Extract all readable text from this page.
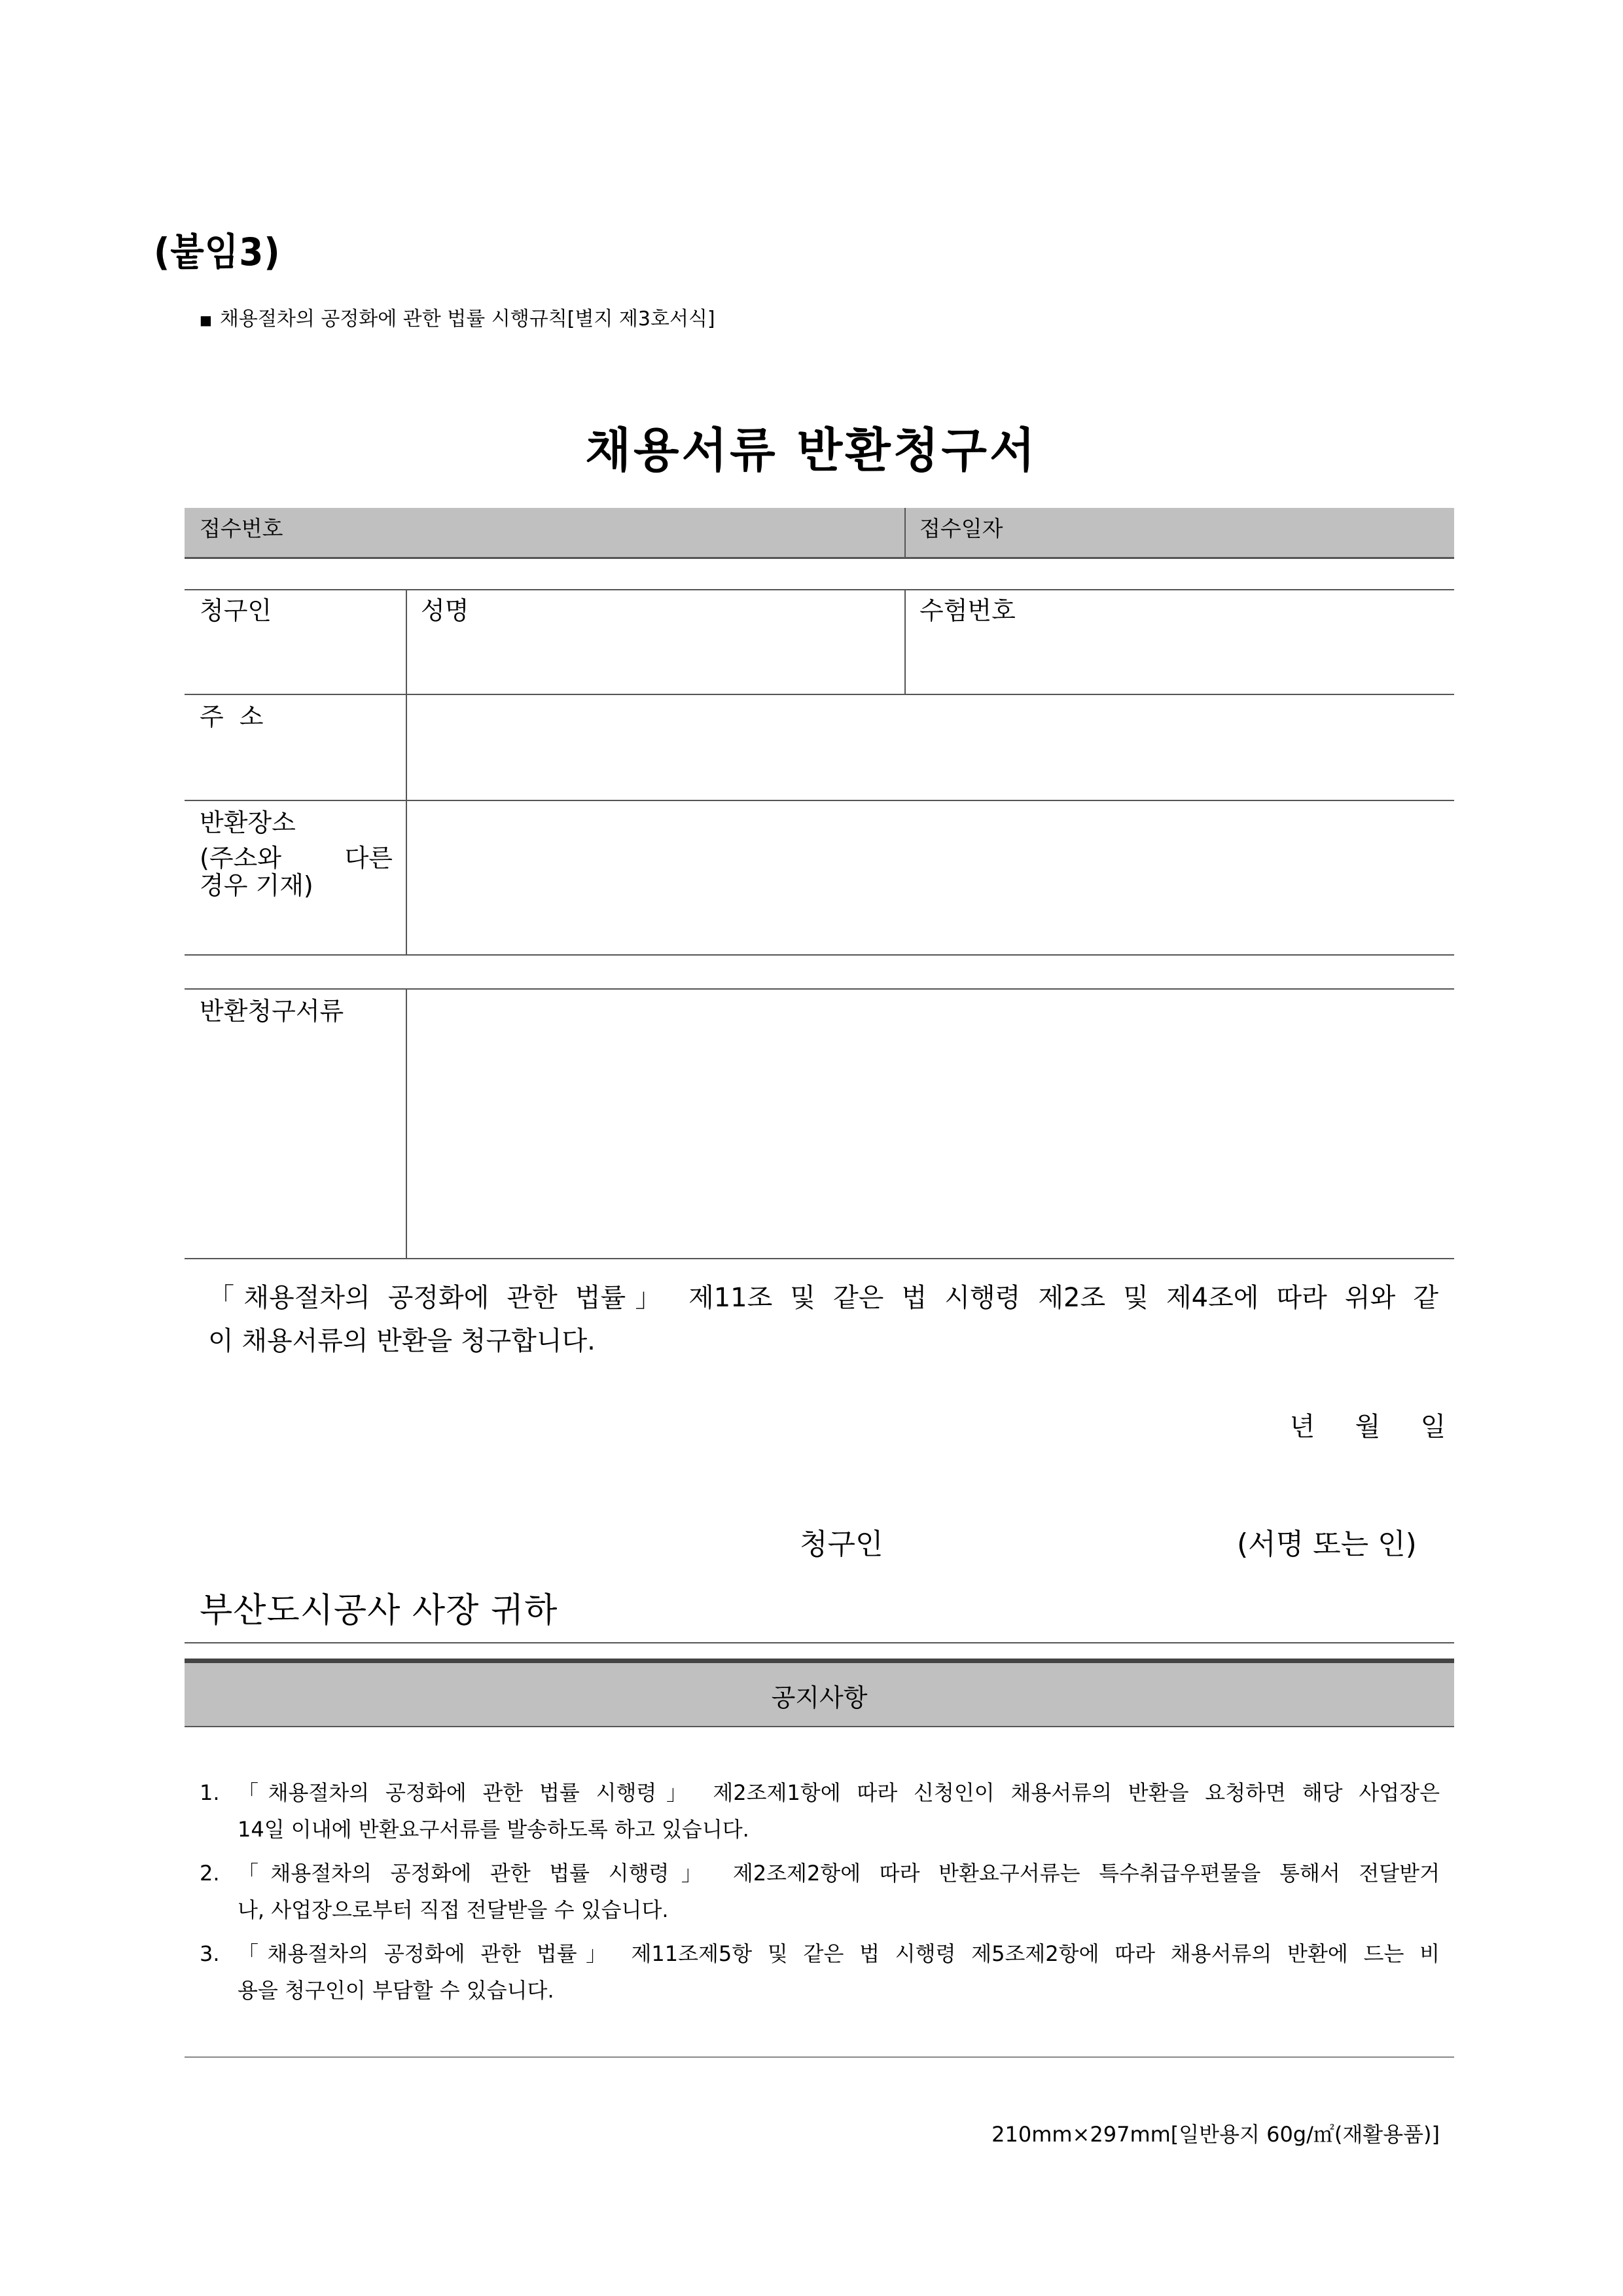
(붙임3)
■ 채용절차의 공정화에 관한 법률 시행규칙[별지 제3호서식]
채용서류 반환청구서
접수번호	접수일자
청구인	성명	수험번호
주 소
반환장소
(주소와 다른
경우 기재)
반환청구서류
「채용절차의 공정화에 관한 법률」 제11조 및 같은 법 시행령 제2조 및 제4조에 따라 위와 같
이 채용서류의 반환을 청구합니다.
년	월	일
청구인	(서명 또는 인)
부산도시공사 사장 귀하
공지사항
1. 「채용절차의 공정화에 관한 법률 시행령」 제2조제1항에 따라 신청인이 채용서류의 반환을 요청하면 해당 사업장은
14일 이내에 반환요구서류를 발송하도록 하고 있습니다.
2. 「채용절차의 공정화에 관한 법률 시행령」 제2조제2항에 따라 반환요구서류는 특수취급우편물을 통해서 전달받거
나, 사업장으로부터 직접 전달받을 수 있습니다.
3. 「채용절차의 공정화에 관한 법률」 제11조제5항 및 같은 법 시행령 제5조제2항에 따라 채용서류의 반환에 드는 비
용을 청구인이 부담할 수 있습니다.
210mm×297mm[일반용지 60g/㎡(재활용품)]
